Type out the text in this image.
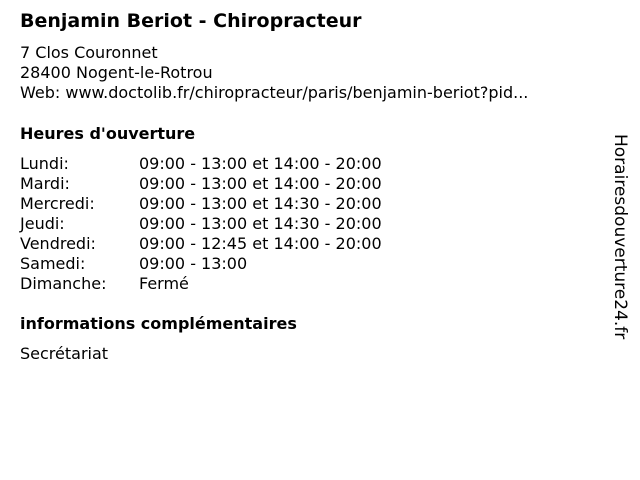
Benjamin Beriot - Chiropracteur
7 Clos Couronnet
28400 Nogent-le-Rotrou
Web: www.doctolib.fr/chiropracteur/paris/benjamin-beriot?pid...
Heures d'ouverture
Lundi:	09:00 - 13:00 et 14:00 - 20:00
Mardi:	09:00 - 13:00 et 14:00 - 20:00
Mercredi:	09:00 - 13:00 et 14:30 - 20:00
Jeudi:	09:00 - 13:00 et 14:30 - 20:00
Vendredi:	09:00 - 12:45 et 14:00 - 20:00
Samedi:	09:00 - 13:00
Dimanche: Fermé
informations complémentaires
Secrétariat
Horairesdouverture24.fr
